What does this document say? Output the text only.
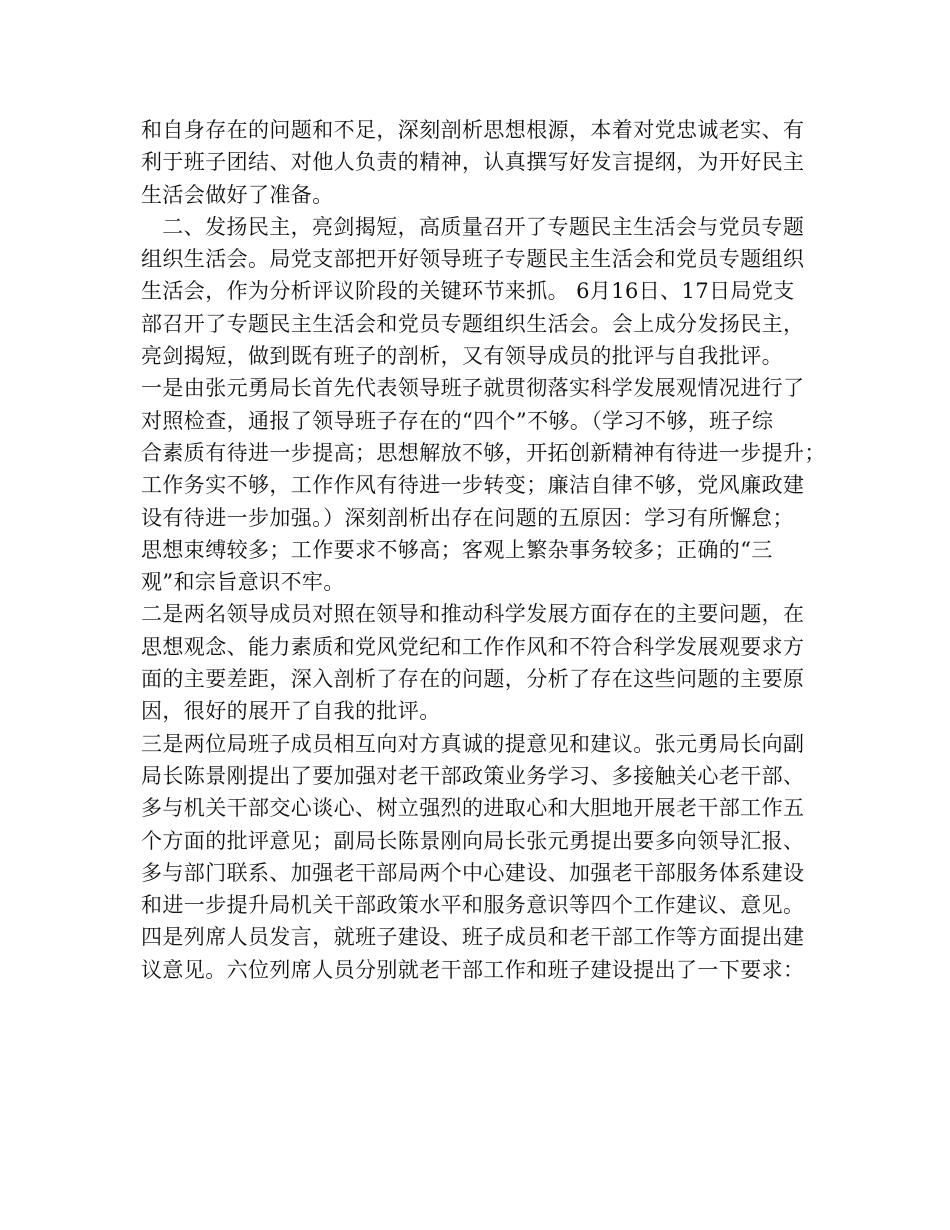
和自身存在的问题和不足，深刻剖析思想根源，本着对党忠诚老实、有
利于班子团结、对他人负责的精神，认真撰写好发言提纲，为开好民主
生活会做好了准备。
二、发扬民主，亮剑揭短，高质量召开了专题民主生活会与党员专题
组织生活会。局党支部把开好领导班子专题民主生活会和党员专题组织
生活会，作为分析评议阶段的关键环节来抓。 6月16日、17日局党支
部召开了专题民主生活会和党员专题组织生活会。会上成分发扬民主，
亮剑揭短，做到既有班子的剖析，又有领导成员的批评与自我批评。
一是由张元勇局长首先代表领导班子就贯彻落实科学发展观情况进行了
对照检查，通报了领导班子存在的“四个”不够。（学习不够，班子综
合素质有待进一步提高；思想解放不够，开拓创新精神有待进一步提升；
工作务实不够，工作作风有待进一步转变；廉洁自律不够，党风廉政建
设有待进一步加强。）深刻剖析出存在问题的五原因：学习有所懈怠；
思想束缚较多；工作要求不够高；客观上繁杂事务较多；正确的“三
观”和宗旨意识不牢。
二是两名领导成员对照在领导和推动科学发展方面存在的主要问题，在
思想观念、能力素质和党风党纪和工作作风和不符合科学发展观要求方
面的主要差距，深入剖析了存在的问题，分析了存在这些问题的主要原
因，很好的展开了自我的批评。
三是两位局班子成员相互向对方真诚的提意见和建议。张元勇局长向副
局长陈景刚提出了要加强对老干部政策业务学习、多接触关心老干部、
多与机关干部交心谈心、树立强烈的进取心和大胆地开展老干部工作五
个方面的批评意见；副局长陈景刚向局长张元勇提出要多向领导汇报、
多与部门联系、加强老干部局两个中心建设、加强老干部服务体系建设
和进一步提升局机关干部政策水平和服务意识等四个工作建议、意见。
四是列席人员发言，就班子建设、班子成员和老干部工作等方面提出建
议意见。六位列席人员分别就老干部工作和班子建设提出了一下要求：
